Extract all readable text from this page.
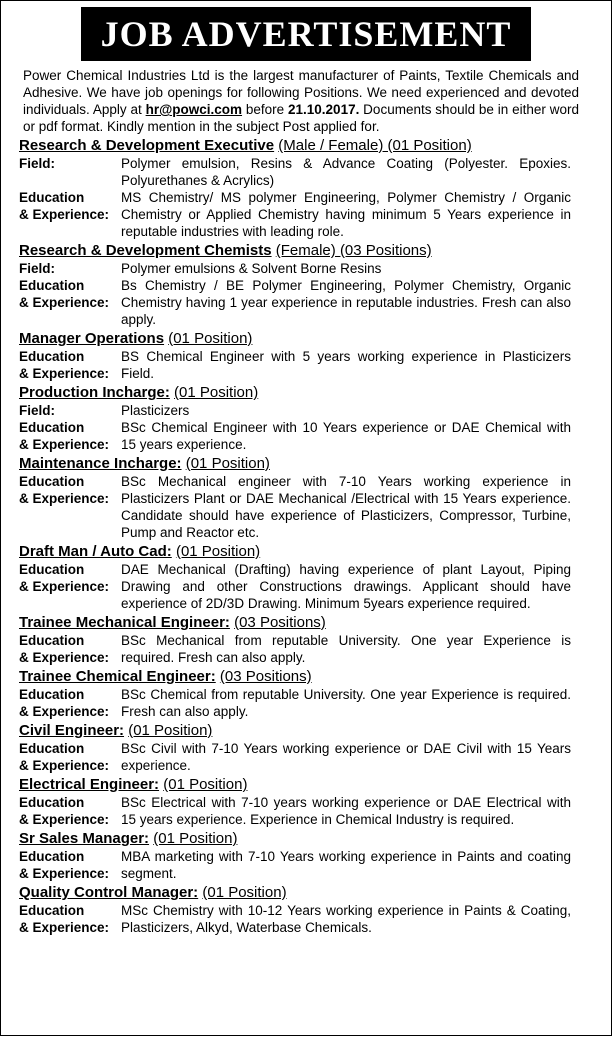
JOB ADVERTISEMENT
Power Chemical Industries Ltd is the largest manufacturer of Paints, Textile Chemicals and Adhesive. We have job openings for following Positions. We need experienced and devoted individuals. Apply at hr@powci.com before 21.10.2017. Documents should be in either word or pdf format. Kindly mention in the subject Post applied for.
Research & Development Executive (Male / Female) (01 Position)
Field:	Polymer emulsion, Resins & Advance Coating (Polyester. Epoxies. Polyurethanes & Acrylics)
Education
& Experience:
MS Chemistry/ MS polymer Engineering, Polymer Chemistry / Organic Chemistry or Applied Chemistry having minimum 5 Years experience in reputable industries with leading role.
Research & Development Chemists (Female) (03 Positions)
Field:	Polymer emulsions & Solvent Borne Resins
Education
& Experience:
Bs Chemistry / BE Polymer Engineering, Polymer Chemistry, Organic Chemistry having 1 year experience in reputable industries. Fresh can also apply.
Manager Operations (01 Position)
Education
& Experience:
BS Chemical Engineer with 5 years working experience in Plasticizers Field.
Production Incharge: (01 Position)
Field:	Plasticizers
Education
& Experience:
BSc Chemical Engineer with 10 Years experience or DAE Chemical with 15 years experience.
Maintenance Incharge: (01 Position)
Education
& Experience:
BSc Mechanical engineer with 7-10 Years working experience in Plasticizers Plant or DAE Mechanical /Electrical with 15 Years experience. Candidate should have experience of Plasticizers, Compressor, Turbine, Pump and Reactor etc.
Draft Man / Auto Cad: (01 Position)
Education
& Experience:
DAE Mechanical (Drafting) having experience of plant Layout, Piping Drawing and other Constructions drawings. Applicant should have experience of 2D/3D Drawing. Minimum 5years experience required.
Trainee Mechanical Engineer: (03 Positions)
Education
& Experience:
BSc Mechanical from reputable University. One year Experience is required. Fresh can also apply.
Trainee Chemical Engineer: (03 Positions)
Education
& Experience:
BSc Chemical from reputable University. One year Experience is required. Fresh can also apply.
Civil Engineer: (01 Position)
Education
& Experience:
BSc Civil with 7-10 Years working experience or DAE Civil with 15 Years experience.
Electrical Engineer: (01 Position)
Education
& Experience:
BSc Electrical with 7-10 years working experience or DAE Electrical with 15 years experience. Experience in Chemical Industry is required.
Sr Sales Manager: (01 Position)
Education
& Experience:
MBA marketing with 7-10 Years working experience in Paints and coating segment.
Quality Control Manager: (01 Position)
Education
& Experience:
MSc Chemistry with 10-12 Years working experience in Paints & Coating, Plasticizers, Alkyd, Waterbase Chemicals.
